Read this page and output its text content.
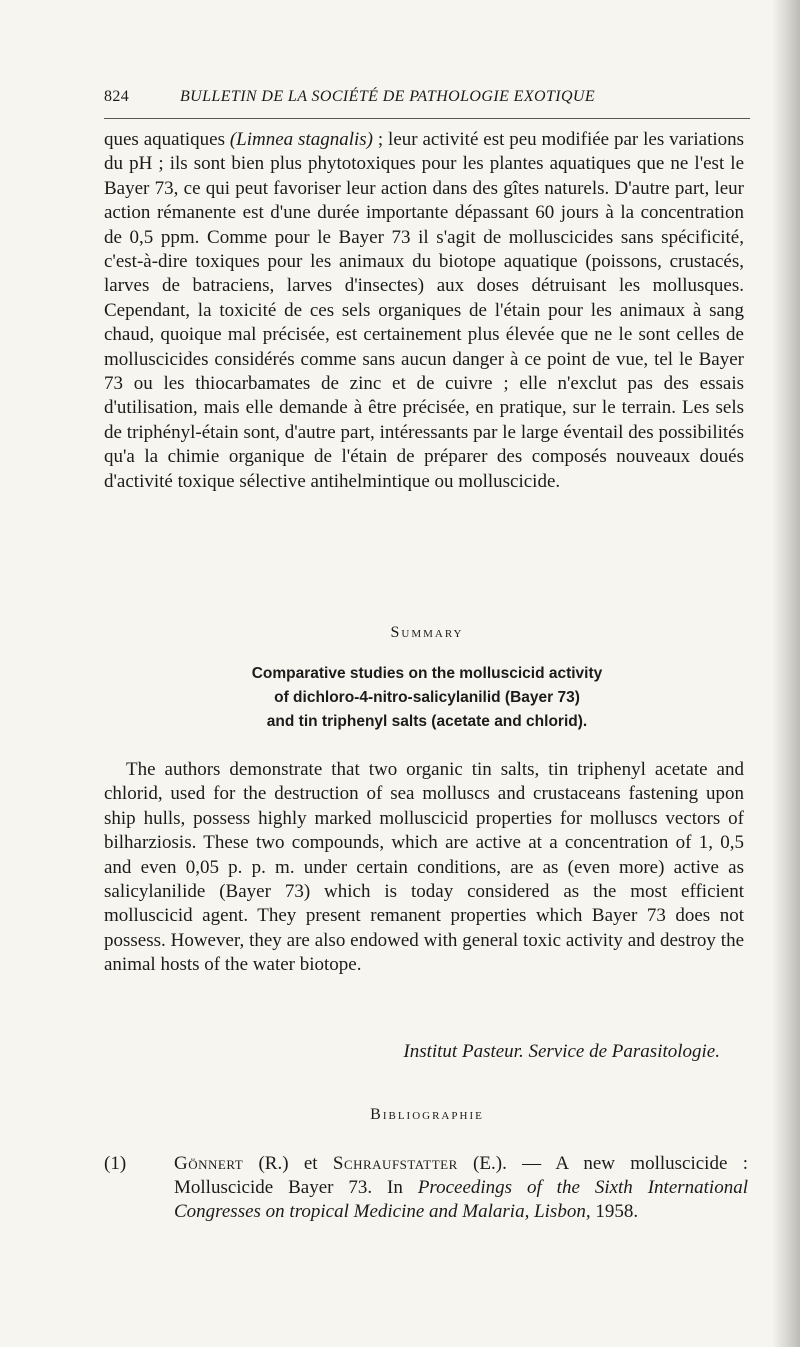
824	BULLETIN DE LA SOCIÉTÉ DE PATHOLOGIE EXOTIQUE

ques aquatiques (Limnea stagnalis) ; leur activité est peu modifiée par les variations du pH ; ils sont bien plus phytotoxiques pour les plantes aquatiques que ne l'est le Bayer 73, ce qui peut favoriser leur action dans des gîtes naturels. D'autre part, leur action rémanente est d'une durée importante dépassant 60 jours à la concentration de 0,5 ppm. Comme pour le Bayer 73 il s'agit de molluscicides sans spécificité, c'est-à-dire toxiques pour les animaux du biotope aquatique (poissons, crustacés, larves de batraciens, larves d'insectes) aux doses détruisant les mollusques. Cependant, la toxicité de ces sels organiques de l'étain pour les animaux à sang chaud, quoique mal précisée, est certainement plus élevée que ne le sont celles de molluscicides considérés comme sans aucun danger à ce point de vue, tel le Bayer 73 ou les thiocarbamates de zinc et de cuivre ; elle n'exclut pas des essais d'utilisation, mais elle demande à être précisée, en pratique, sur le terrain. Les sels de triphényl-étain sont, d'autre part, intéressants par le large éventail des possibilités qu'a la chimie organique de l'étain de préparer des composés nouveaux doués d'activité toxique sélective antihelmintique ou molluscicide.

Summary
Comparative studies on the molluscicid activity
of dichloro-4-nitro-salicylanilid (Bayer 73)
and tin triphenyl salts (acetate and chlorid).

The authors demonstrate that two organic tin salts, tin triphenyl acetate and chlorid, used for the destruction of sea molluscs and crustaceans fastening upon ship hulls, possess highly marked molluscicid properties for molluscs vectors of bilharziosis. These two compounds, which are active at a concentration of 1, 0,5 and even 0,05 p. p. m. under certain conditions, are as (even more) active as salicylanilide (Bayer 73) which is today considered as the most efficient molluscicid agent. They present remanent properties which Bayer 73 does not possess. However, they are also endowed with general toxic activity and destroy the animal hosts of the water biotope.

Institut Pasteur. Service de Parasitologie.
Bibliographie
(1)	Gönnert (R.) et Schraufstatter (E.). — A new molluscicide : Molluscicide Bayer 73. In Proceedings of the Sixth International Congresses on tropical Medicine and Malaria, Lisbon, 1958.
